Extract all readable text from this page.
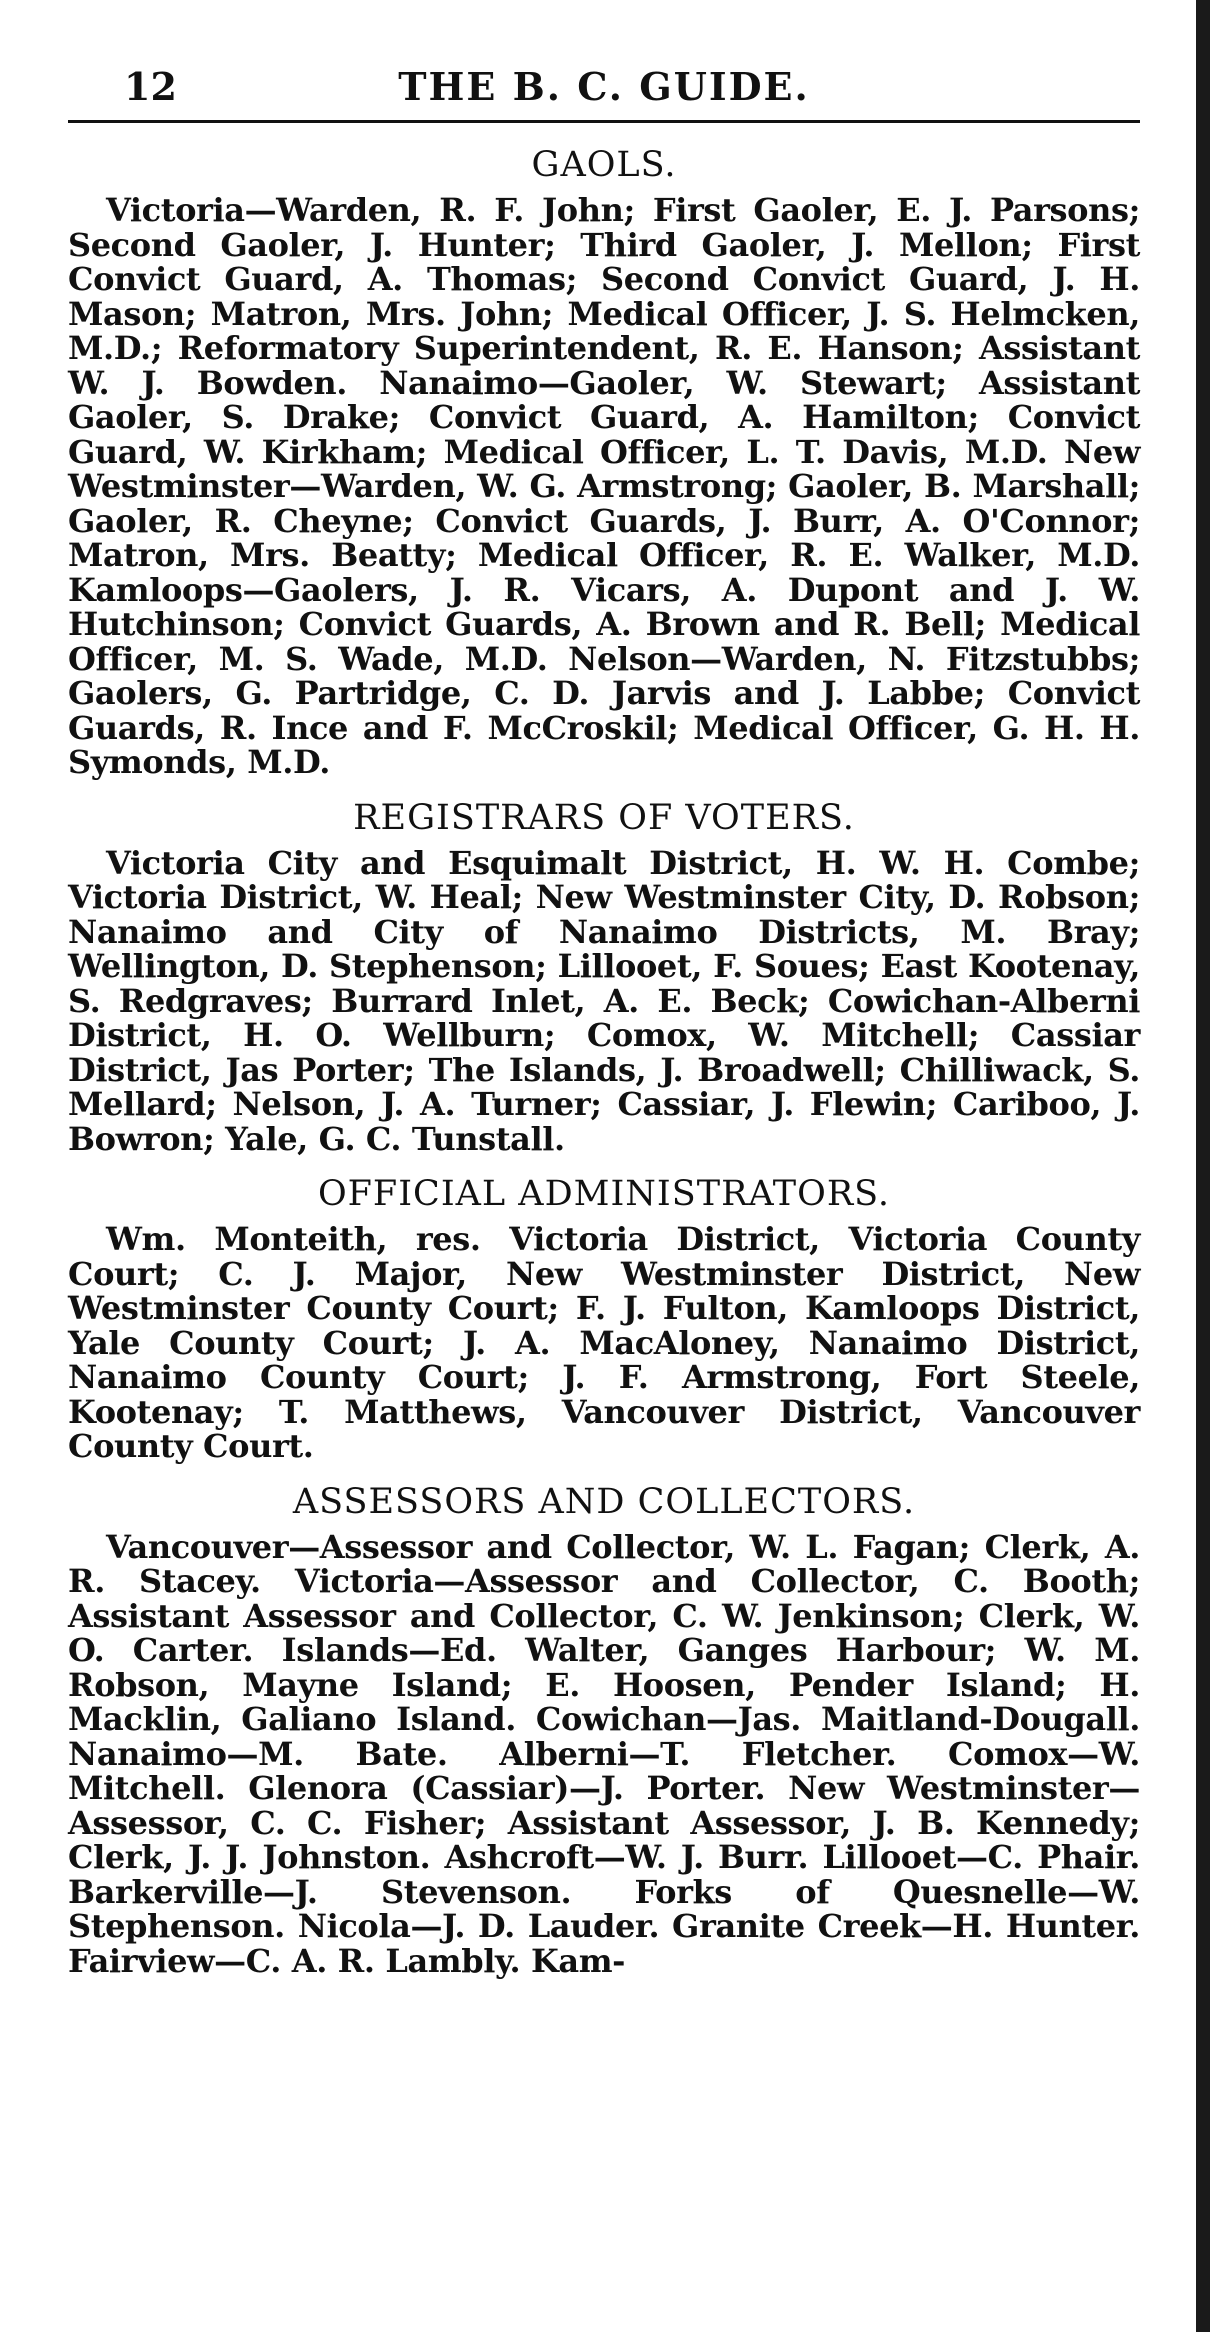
12	THE B. C. GUIDE.
GAOLS.

Victoria—Warden, R. F. John; First Gaoler, E. J. Parsons; Second Gaoler, J. Hunter; Third Gaoler, J. Mellon; First Convict Guard, A. Thomas; Second Convict Guard, J. H. Mason; Matron, Mrs. John; Medical Officer, J. S. Helmcken, M.D.; Reformatory Superintendent, R. E. Hanson; Assistant W. J. Bowden. Nanaimo—Gaoler, W. Stewart; Assistant Gaoler, S. Drake; Convict Guard, A. Hamilton; Convict Guard, W. Kirkham; Medical Officer, L. T. Davis, M.D. New Westminster—Warden, W. G. Armstrong; Gaoler, B. Marshall; Gaoler, R. Cheyne; Convict Guards, J. Burr, A. O'Connor; Matron, Mrs. Beatty; Medical Officer, R. E. Walker, M.D. Kamloops—Gaolers, J. R. Vicars, A. Dupont and J. W. Hutchinson; Convict Guards, A. Brown and R. Bell; Medical Officer, M. S. Wade, M.D. Nelson—Warden, N. Fitzstubbs; Gaolers, G. Partridge, C. D. Jarvis and J. Labbe; Convict Guards, R. Ince and F. McCroskil; Medical Officer, G. H. H. Symonds, M.D.

REGISTRARS OF VOTERS.

Victoria City and Esquimalt District, H. W. H. Combe; Victoria District, W. Heal; New Westminster City, D. Robson; Nanaimo and City of Nanaimo Districts, M. Bray; Wellington, D. Stephenson; Lillooet, F. Soues; East Kootenay, S. Redgraves; Burrard Inlet, A. E. Beck; Cowichan-Alberni District, H. O. Wellburn; Comox, W. Mitchell; Cassiar District, Jas Porter; The Islands, J. Broadwell; Chilliwack, S. Mellard; Nelson, J. A. Turner; Cassiar, J. Flewin; Cariboo, J. Bowron; Yale, G. C. Tunstall.

OFFICIAL ADMINISTRATORS.

Wm. Monteith, res. Victoria District, Victoria County Court; C. J. Major, New Westminster District, New Westminster County Court; F. J. Fulton, Kamloops District, Yale County Court; J. A. MacAloney, Nanaimo District, Nanaimo County Court; J. F. Armstrong, Fort Steele, Kootenay; T. Matthews, Vancouver District, Vancouver County Court.

ASSESSORS AND COLLECTORS.

Vancouver—Assessor and Collector, W. L. Fagan; Clerk, A. R. Stacey. Victoria—Assessor and Collector, C. Booth; Assistant Assessor and Collector, C. W. Jenkinson; Clerk, W. O. Carter. Islands—Ed. Walter, Ganges Harbour; W. M. Robson, Mayne Island; E. Hoosen, Pender Island; H. Macklin, Galiano Island. Cowichan—Jas. Maitland-Dougall. Nanaimo—M. Bate. Alberni—T. Fletcher. Comox—W. Mitchell. Glenora (Cassiar)—J. Porter. New Westminster—Assessor, C. C. Fisher; Assistant Assessor, J. B. Kennedy; Clerk, J. J. Johnston. Ashcroft—W. J. Burr. Lillooet—C. Phair. Barkerville—J. Stevenson. Forks of Quesnelle—W. Stephenson. Nicola—J. D. Lauder. Granite Creek—H. Hunter. Fairview—C. A. R. Lambly. Kam-
